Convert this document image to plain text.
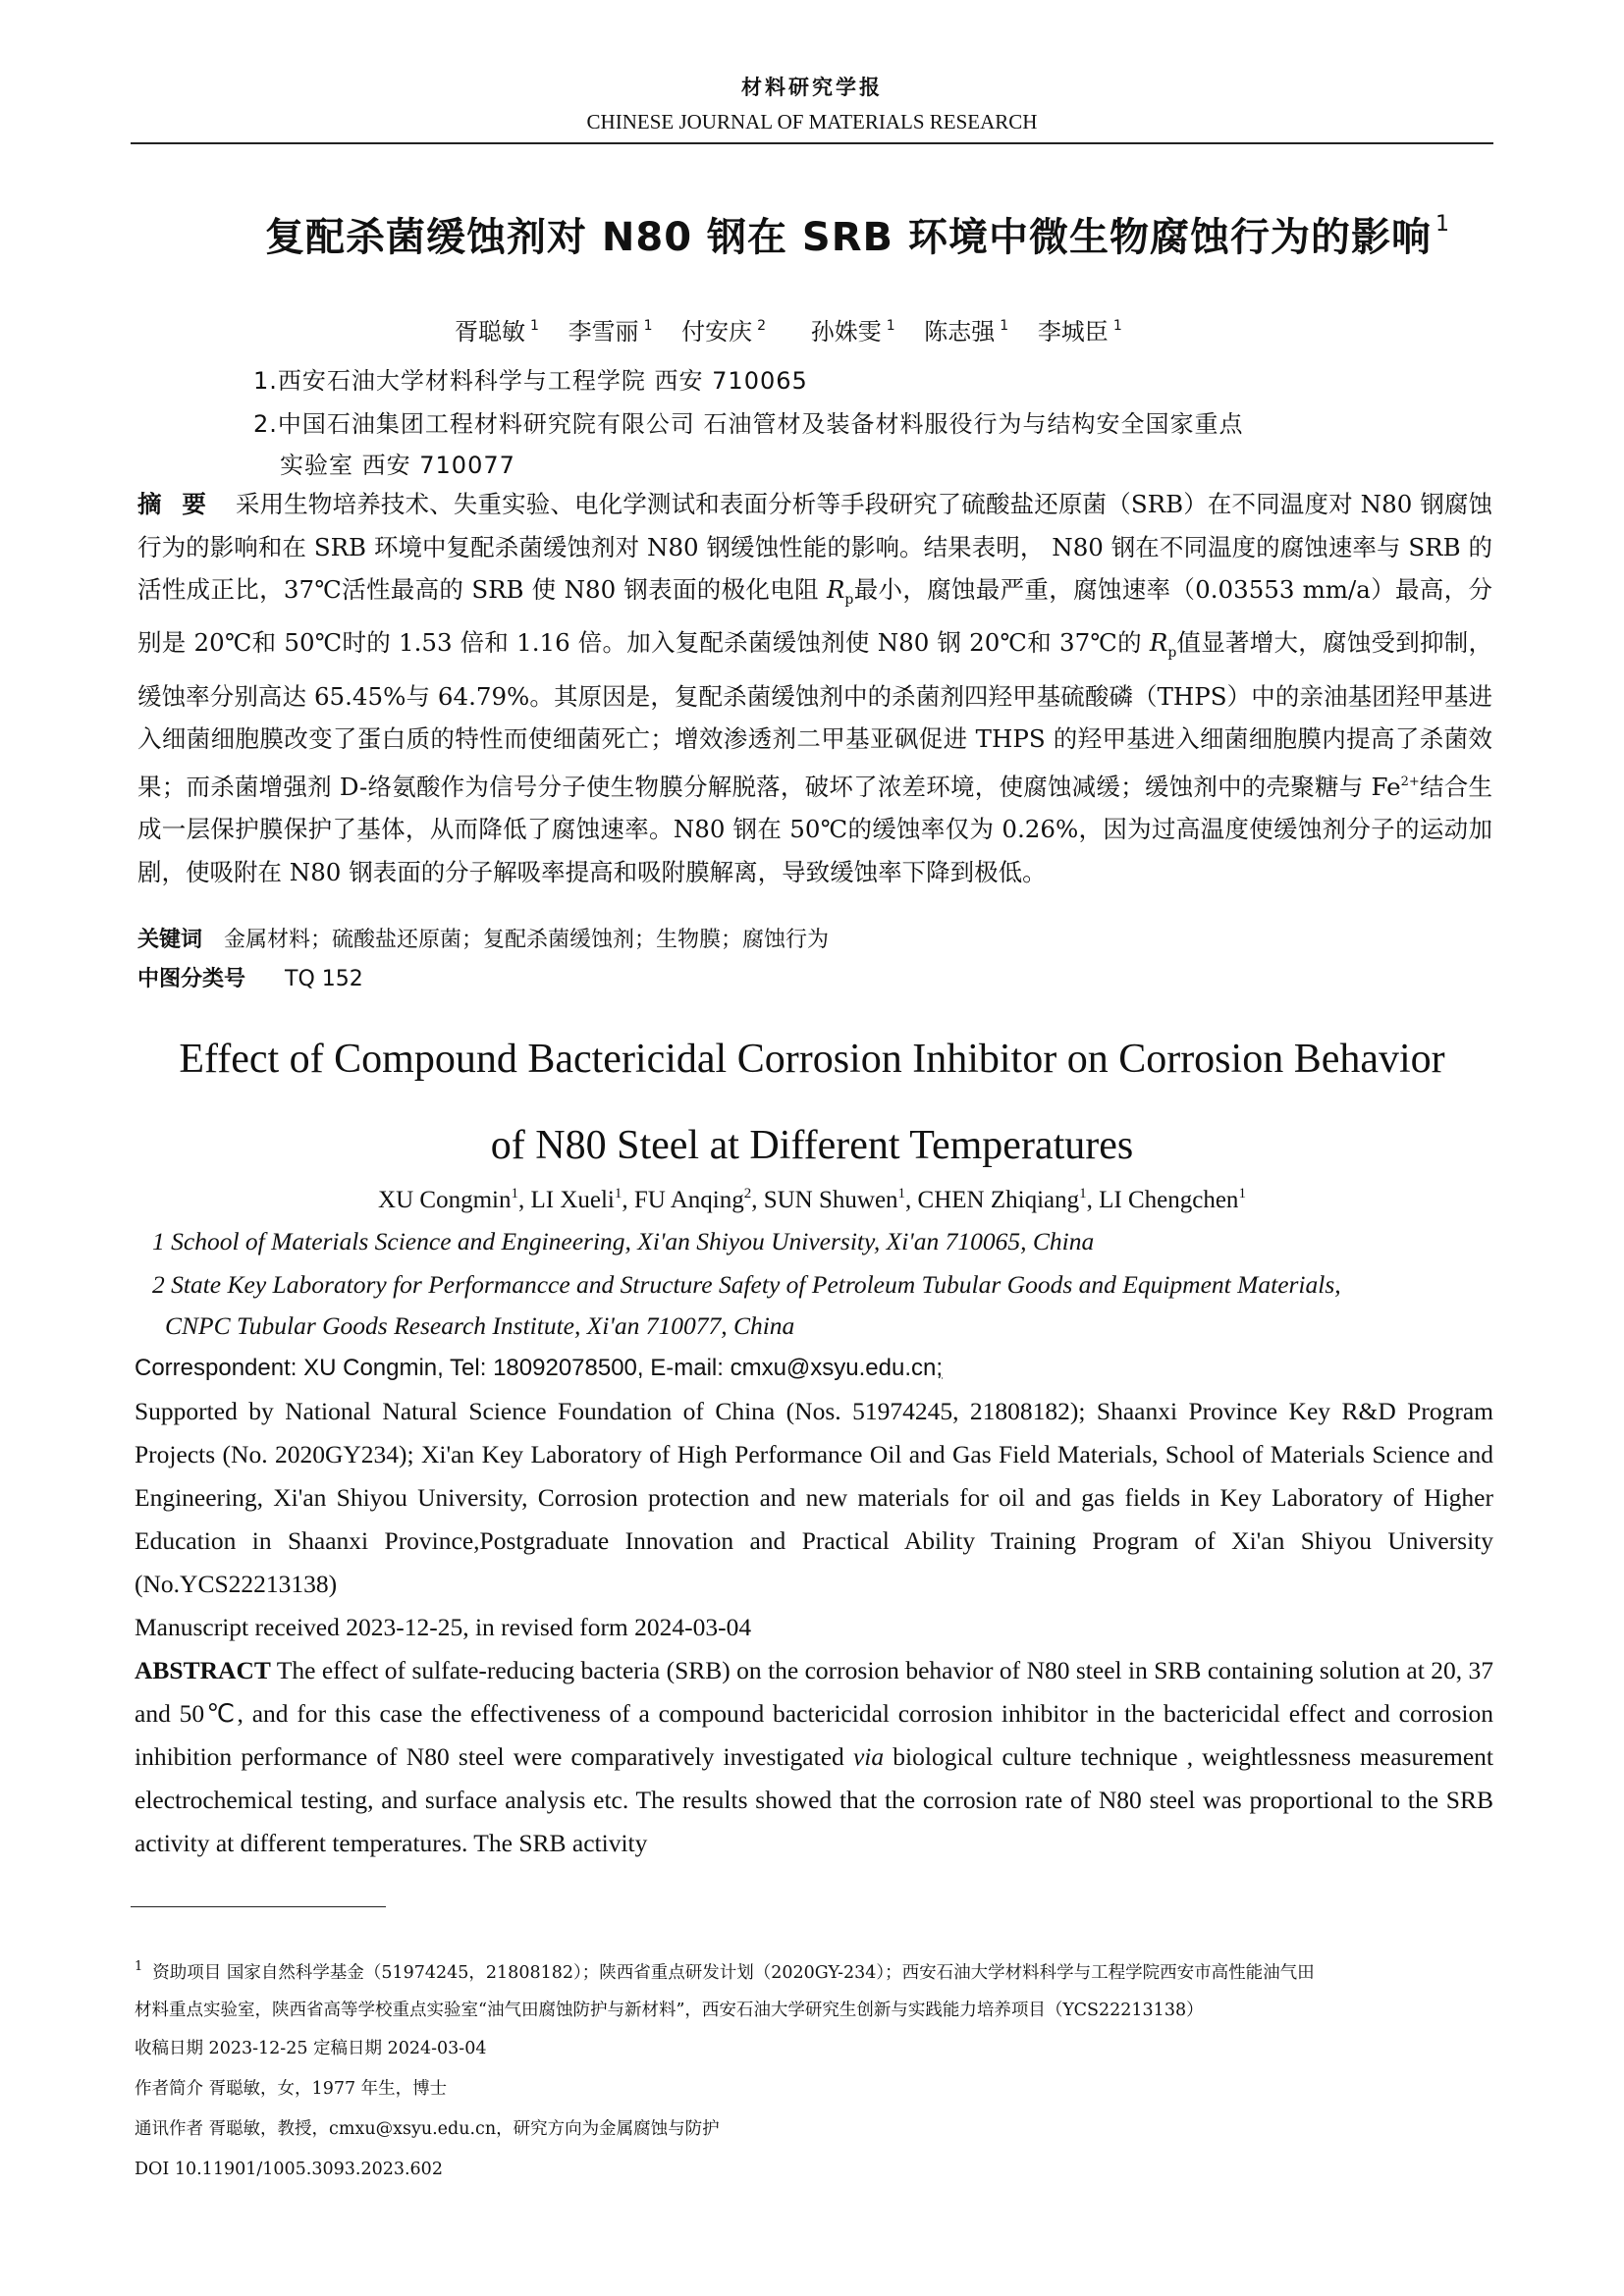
材料研究学报
CHINESE JOURNAL OF MATERIALS RESEARCH
复配杀菌缓蚀剂对 N80 钢在 SRB 环境中微生物腐蚀行为的影响 $^1$
胥聪敏 $^1$ 李雪丽 $^1$ 付安庆 $^2$ 孙姝雯 $^1$ 陈志强 $^1$ 李城臣 $^1$
1.西安石油大学材料科学与工程学院 西安 710065
2.中国石油集团工程材料研究院有限公司 石油管材及装备材料服役行为与结构安全国家重点
实验室 西安 710077
摘 要 采用生物培养技术、失重实验、电化学测试和表面分析等手段研究了硫酸盐还原菌（SRB）在不同温度对 N80 钢腐蚀行为的影响和在 SRB 环境中复配杀菌缓蚀剂对 N80 钢缓蚀性能的影响。结果表明， N80 钢在不同温度的腐蚀速率与 SRB 的活性成正比，37℃活性最高的 SRB 使 N80 钢表面的极化电阻 $R_p$最小，腐蚀最严重，腐蚀速率（0.03553 mm/a）最高，分别是 20℃和 50℃时的 1.53 倍和 1.16 倍。加入复配杀菌缓蚀剂使 N80 钢 20℃和 37℃的 $R_p$值显著增大，腐蚀受到抑制，缓蚀率分别高达 65.45%与 64.79%。其原因是，复配杀菌缓蚀剂中的杀菌剂四羟甲基硫酸磷（THPS）中的亲油基团羟甲基进入细菌细胞膜改变了蛋白质的特性而使细菌死亡；增效渗透剂二甲基亚砜促进 THPS 的羟甲基进入细菌细胞膜内提高了杀菌效果；而杀菌增强剂 D-络氨酸作为信号分子使生物膜分解脱落，破坏了浓差环境，使腐蚀减缓；缓蚀剂中的壳聚糖与 $Fe^{2+}$结合生成一层保护膜保护了基体，从而降低了腐蚀速率。N80 钢在 50℃的缓蚀率仅为 0.26%，因为过高温度使缓蚀剂分子的运动加剧，使吸附在 N80 钢表面的分子解吸率提高和吸附膜解离，导致缓蚀率下降到极低。
关键词 金属材料；硫酸盐还原菌；复配杀菌缓蚀剂；生物膜；腐蚀行为
中图分类号 TQ 152
Effect of Compound Bactericidal Corrosion Inhibitor on Corrosion Behavior
of N80 Steel at Different Temperatures
XU Congmin$^1$, LI Xueli$^1$, FU Anqing$^2$, SUN Shuwen$^1$, CHEN Zhiqiang$^1$, LI Chengchen$^1$
1 School of Materials Science and Engineering, Xi'an Shiyou University, Xi'an 710065, China
2 State Key Laboratory for Performancce and Structure Safety of Petroleum Tubular Goods and Equipment Materials,
CNPC Tubular Goods Research Institute, Xi'an 710077, China
Correspondent: XU Congmin, Tel: 18092078500, E-mail: cmxu@xsyu.edu.cn;
Supported by National Natural Science Foundation of China (Nos. 51974245, 21808182); Shaanxi Province Key R&D Program Projects (No. 2020GY234); Xi'an Key Laboratory of High Performance Oil and Gas Field Materials, School of Materials Science and Engineering, Xi'an Shiyou University, Corrosion protection and new materials for oil and gas fields in Key Laboratory of Higher Education in Shaanxi Province,Postgraduate Innovation and Practical Ability Training Program of Xi'an Shiyou University (No.YCS22213138)
Manuscript received 2023-12-25, in revised form 2024-03-04
ABSTRACT The effect of sulfate-reducing bacteria (SRB) on the corrosion behavior of N80 steel in SRB containing solution at 20, 37 and 50℃, and for this case the effectiveness of a compound bactericidal corrosion inhibitor in the bactericidal effect and corrosion inhibition performance of N80 steel were comparatively investigated via biological culture technique , weightlessness measurement electrochemical testing, and surface analysis etc. The results showed that the corrosion rate of N80 steel was proportional to the SRB activity at different temperatures. The SRB activity
$^1$ 资助项目 国家自然科学基金（51974245，21808182）；陕西省重点研发计划（2020GY-234）；西安石油大学材料科学与工程学院西安市高性能油气田
材料重点实验室，陕西省高等学校重点实验室“油气田腐蚀防护与新材料”，西安石油大学研究生创新与实践能力培养项目（YCS22213138）
收稿日期 2023-12-25 定稿日期 2024-03-04
作者简介 胥聪敏，女，1977 年生，博士
通讯作者 胥聪敏，教授，cmxu@xsyu.edu.cn，研究方向为金属腐蚀与防护
DOI 10.11901/1005.3093.2023.602
